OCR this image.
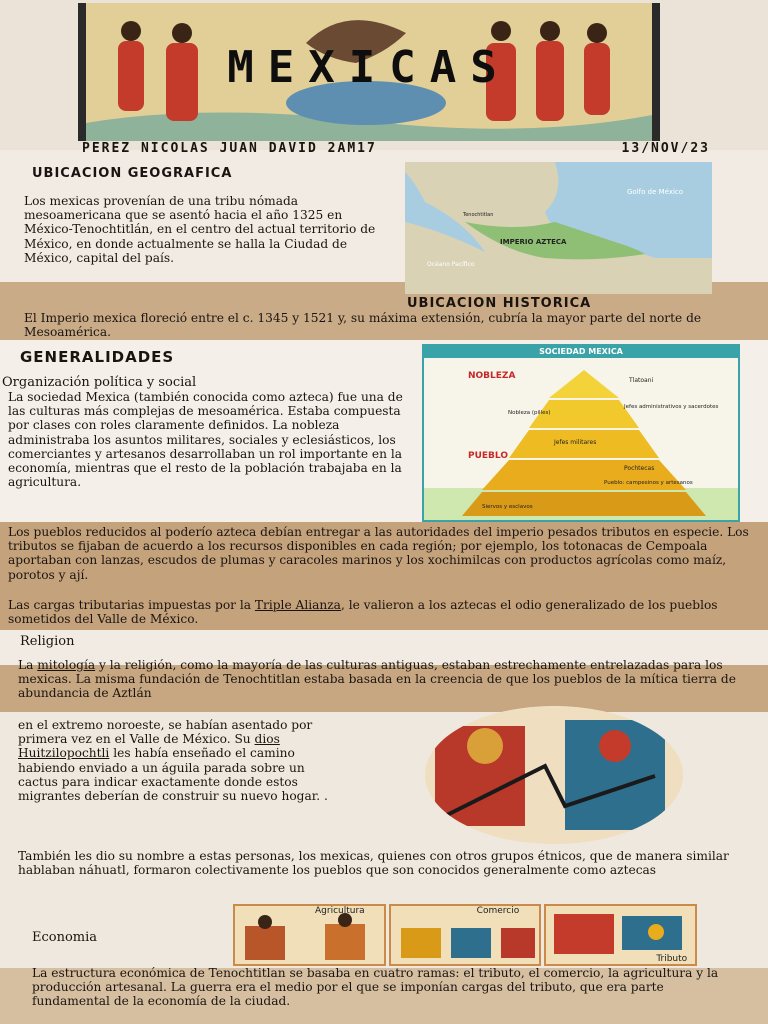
MEXICAS
PEREZ NICOLAS JUAN DAVID 2AM17	13/NOV/23
UBICACION GEOGRAFICA
Los mexicas provenían de una tribu nómada mesoamericana que se asentó hacia el año 1325 en México-Tenochtitlán, en el centro del actual territorio de México, en donde actualmente se halla la Ciudad de México, capital del país.
Golfo de México
IMPERIO AZTECA
Océano Pacífico
Tenochtitlan
UBICACION HISTORICA
El Imperio mexica floreció entre el c. 1345 y 1521 y, su máxima extensión, cubría la mayor parte del norte de Mesoamérica.
GENERALIDADES
Organización política y social
La sociedad Mexica (también conocida como azteca) fue una de las culturas más complejas de mesoamérica. Estaba compuesta por clases con roles claramente definidos. La nobleza administraba los asuntos militares, sociales y eclesiásticos, los comerciantes y artesanos desarrollaban un rol importante en la economía, mientras que el resto de la población trabajaba en la agricultura.
SOCIEDAD MEXICA
NOBLEZA
PUEBLO
Tlatoani
Jefes administrativos y sacerdotes
Nobleza (pilles)
Jefes militares
Pochtecas
Pueblo: campesinos y artesanos
Siervos y esclavos
Los pueblos reducidos al poderío azteca debían entregar a las autoridades del imperio pesados tributos en especie. Los tributos se fijaban de acuerdo a los recursos disponibles en cada región; por ejemplo, los totonacas de Cempoala aportaban con lanzas, escudos de plumas y caracoles marinos y los xochimilcas con productos agrícolas como maíz, porotos y ají.
Las cargas tributarias impuestas por la Triple Alianza, le valieron a los aztecas el odio generalizado de los pueblos sometidos del Valle de México.
Religion
La mitología y la religión, como la mayoría de las culturas antiguas, estaban estrechamente entrelazadas para los mexicas. La misma fundación de Tenochtitlan estaba basada en la creencia de que los pueblos de la mítica tierra de abundancia de Aztlán
en el extremo noroeste, se habían asentado por primera vez en el Valle de México. Su dios Huitzilopochtli les había enseñado el camino habiendo enviado a un águila parada sobre un cactus para indicar exactamente donde estos migrantes deberían de construir su nuevo hogar. .
También les dio su nombre a estas personas, los mexicas, quienes con otros grupos étnicos, que de manera similar hablaban náhuatl, formaron colectivamente los pueblos que son conocidos generalmente como aztecas
Economia
Agricultura	Comercio
Tributo
La estructura económica de Tenochtitlan se basaba en cuatro ramas: el tributo, el comercio, la agricultura y la producción artesanal. La guerra era el medio por el que se imponían cargas del tributo, que era parte fundamental de la economía de la ciudad.
